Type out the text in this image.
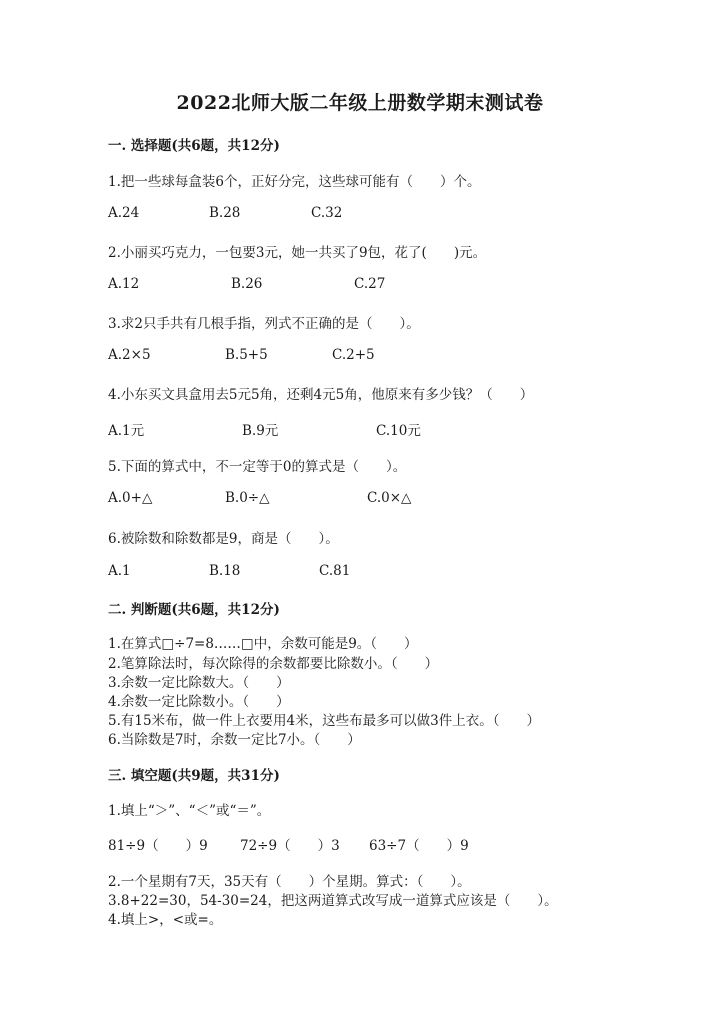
2022北师大版二年级上册数学期末测试卷
一. 选择题(共6题，共12分)
1.把一些球每盒装6个，正好分完，这些球可能有（　　）个。
A.24	B.28	C.32
2.小丽买巧克力，一包要3元，她一共买了9包，花了(　　)元。
A.12	B.26	C.27
3.求2只手共有几根手指，列式不正确的是（　　）。
A.2×5	B.5+5	C.2+5
4.小东买文具盒用去5元5角，还剩4元5角，他原来有多少钱？（　　）
A.1元	B.9元	C.10元
5.下面的算式中，不一定等于0的算式是（　　）。
A.0+△	B.0÷△	C.0×△
6.被除数和除数都是9，商是（　　）。
A.1	B.18	C.81
二. 判断题(共6题，共12分)
1.在算式□÷7=8……□中，余数可能是9。（　　）
2.笔算除法时，每次除得的余数都要比除数小。（　　）
3.余数一定比除数大。（　　）
4.余数一定比除数小。（　　）
5.有15米布，做一件上衣要用4米，这些布最多可以做3件上衣。（　　）
6.当除数是7时，余数一定比7小。（　　）
三. 填空题(共9题，共31分)
1.填上“＞”、“＜”或“＝”。
81÷9（　　）9 72÷9（　　）3 63÷7（　　）9
2.一个星期有7天，35天有（　　）个星期。算式：（　　）。
3.8+22=30，54-30=24，把这两道算式改写成一道算式应该是（　　）。
4.填上>，<或=。
